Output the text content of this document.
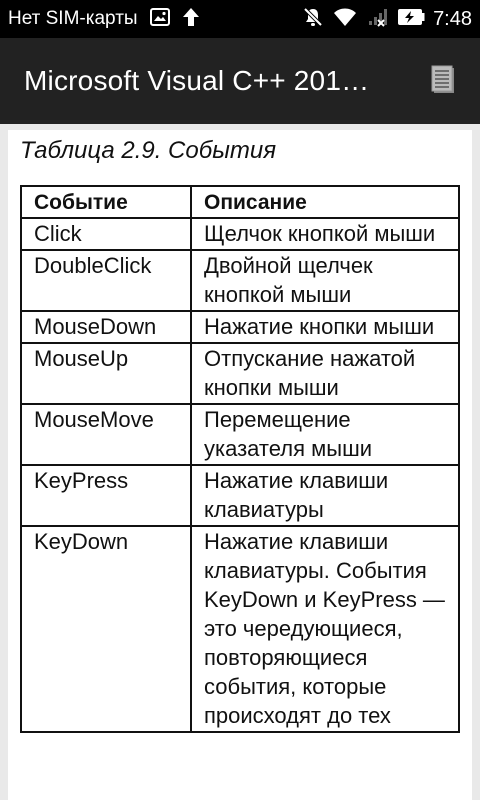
Нет SIM-карты	7:48
Microsoft Visual C++ 201…
Таблица 2.9. События
Событие	Описание
Click	Щелчок кнопкой мыши
DoubleClick	Двойной щелчек кнопкой мыши
MouseDown	Нажатие кнопки мыши
MouseUp	Отпускание нажатой кнопки мыши
MouseMove	Перемещение указателя мыши
KeyPress	Нажатие клавиши клавиатуры
KeyDown	Нажатие клавиши клавиатуры. События KeyDown и KeyPress — это чередующиеся, повторяющиеся события, которые происходят до тех
